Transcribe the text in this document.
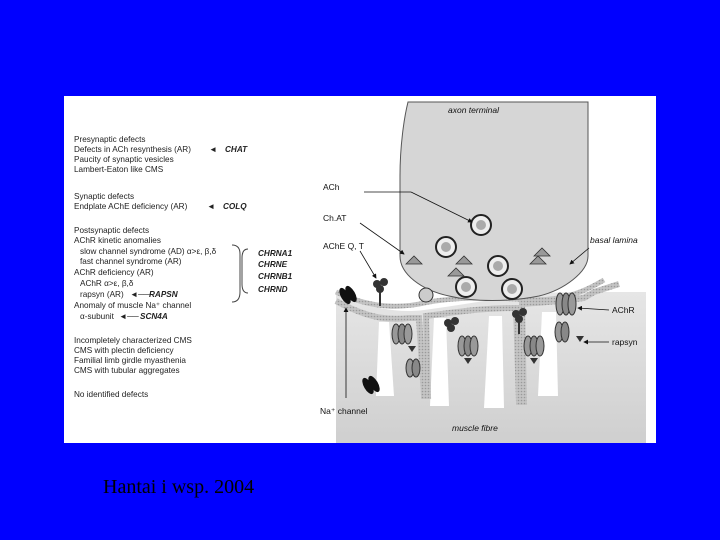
Presynaptic defects
Defects in ACh resynthesis (AR) ◄ CHAT
Paucity of synaptic vesicles
Lambert-Eaton like CMS
Synaptic defects
Endplate AChE deficiency (AR) ◄ COLQ
Postsynaptic defects
AChR kinetic anomalies
slow channel syndrome (AD) α>ε, β,δ
fast channel syndrome (AR)
AChR deficiency (AR)
AChR α>ε, β,δ
rapsyn (AR) ◄── RAPSN
Anomaly of muscle Na⁺ channel
α-subunit ◄── SCN4A
CHRNA1
CHRNE
CHRNB1
CHRND
Incompletely characterized CMS
CMS with plectin deficiency
Familial limb girdle myasthenia
CMS with tubular aggregates
No identified defects
axon terminal
ACh
Ch.AT
AChE Q, T
basal lamina
AChR
rapsyn
Na⁺ channel
muscle fibre
Hantai i wsp. 2004
